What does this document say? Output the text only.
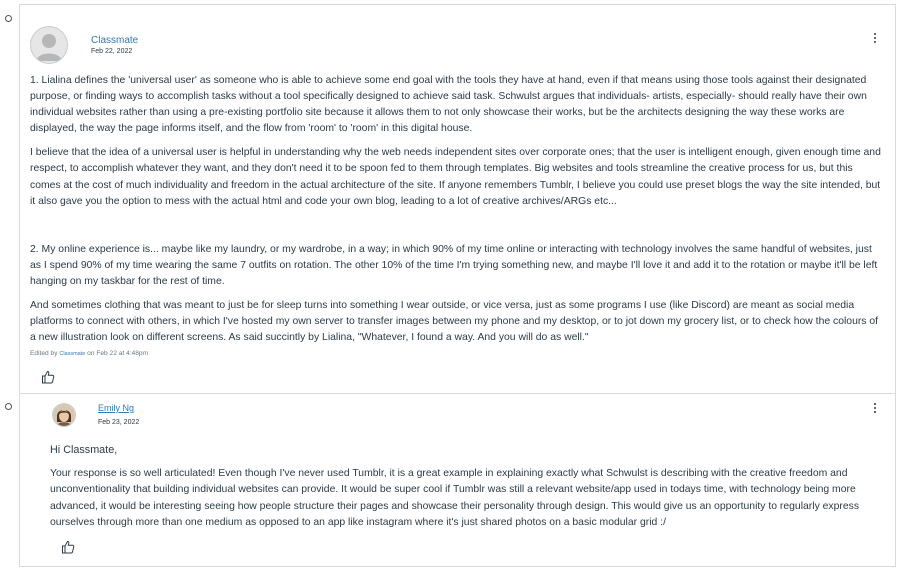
Classmate
Feb 22, 2022

1. Lialina defines the 'universal user' as someone who is able to achieve some end goal with the tools they have at hand, even if that means using those tools against their designated purpose, or finding ways to accomplish tasks without a tool specifically designed to achieve said task. Schwulst argues that individuals- artists, especially- should really have their own individual websites rather than using a pre-existing portfolio site because it allows them to not only showcase their works, but be the architects designing the way these works are displayed, the way the page informs itself, and the flow from 'room' to 'room' in this digital house.

I believe that the idea of a universal user is helpful in understanding why the web needs independent sites over corporate ones; that the user is intelligent enough, given enough time and respect, to accomplish whatever they want, and they don't need it to be spoon fed to them through templates. Big websites and tools streamline the creative process for us, but this comes at the cost of much individuality and freedom in the actual architecture of the site. If anyone remembers Tumblr, I believe you could use preset blogs the way the site intended, but it also gave you the option to mess with the actual html and code your own blog, leading to a lot of creative archives/ARGs etc...

2. My online experience is... maybe like my laundry, or my wardrobe, in a way; in which 90% of my time online or interacting with technology involves the same handful of websites, just as I spend 90% of my time wearing the same 7 outfits on rotation. The other 10% of the time I'm trying something new, and maybe I'll love it and add it to the rotation or maybe it'll be left hanging on my taskbar for the rest of time.

And sometimes clothing that was meant to just be for sleep turns into something I wear outside, or vice versa, just as some programs I use (like Discord) are meant as social media platforms to connect with others, in which I've hosted my own server to transfer images between my phone and my desktop, or to jot down my grocery list, or to check how the colours of a new illustration look on different screens. As said succintly by Lialina, "Whatever, I found a way. And you will do as well."

Edited by Classmate on Feb 22 at 4:48pm
Emily Ng
Feb 23, 2022

Hi Classmate,

Your response is so well articulated! Even though I've never used Tumblr, it is a great example in explaining exactly what Schwulst is describing with the creative freedom and unconventionality that building individual websites can provide. It would be super cool if Tumblr was still a relevant website/app used in todays time, with technology being more advanced, it would be interesting seeing how people structure their pages and showcase their personality through design. This would give us an opportunity to regularly express ourselves through more than one medium as opposed to an app like instagram where it's just shared photos on a basic modular grid :/
